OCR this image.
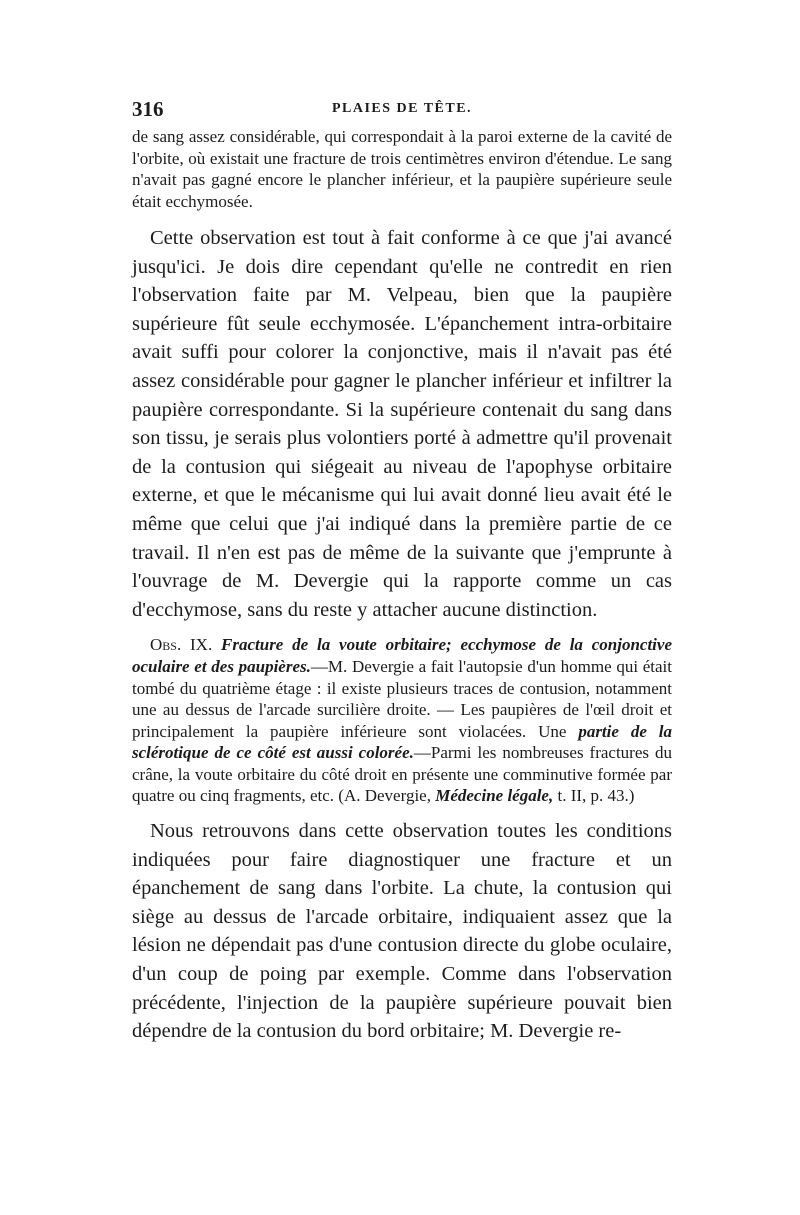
316	PLAIES DE TÊTE.

de sang assez considérable, qui correspondait à la paroi externe de la cavité de l'orbite, où existait une fracture de trois centimètres environ d'étendue. Le sang n'avait pas gagné encore le plancher inférieur, et la paupière supérieure seule était ecchymosée.

Cette observation est tout à fait conforme à ce que j'ai avancé jusqu'ici. Je dois dire cependant qu'elle ne contredit en rien l'observation faite par M. Velpeau, bien que la paupière supérieure fût seule ecchymosée. L'épanchement intra-orbitaire avait suffi pour colorer la conjonctive, mais il n'avait pas été assez considérable pour gagner le plancher inférieur et infiltrer la paupière correspondante. Si la supérieure contenait du sang dans son tissu, je serais plus volontiers porté à admettre qu'il provenait de la contusion qui siégeait au niveau de l'apophyse orbitaire externe, et que le mécanisme qui lui avait donné lieu avait été le même que celui que j'ai indiqué dans la première partie de ce travail. Il n'en est pas de même de la suivante que j'emprunte à l'ouvrage de M. Devergie qui la rapporte comme un cas d'ecchymose, sans du reste y attacher aucune distinction.

Obs. IX. Fracture de la voute orbitaire; ecchymose de la conjonctive oculaire et des paupières.—M. Devergie a fait l'autopsie d'un homme qui était tombé du quatrième étage : il existe plusieurs traces de contusion, notamment une au dessus de l'arcade surcilière droite. — Les paupières de l'œil droit et principalement la paupière inférieure sont violacées. Une partie de la sclérotique de ce côté est aussi colorée.—Parmi les nombreuses fractures du crâne, la voute orbitaire du côté droit en présente une comminutive formée par quatre ou cinq fragments, etc. (A. Devergie, Médecine légale, t. II, p. 43.)

Nous retrouvons dans cette observation toutes les conditions indiquées pour faire diagnostiquer une fracture et un épanchement de sang dans l'orbite. La chute, la contusion qui siège au dessus de l'arcade orbitaire, indiquaient assez que la lésion ne dépendait pas d'une contusion directe du globe oculaire, d'un coup de poing par exemple. Comme dans l'observation précédente, l'injection de la paupière supérieure pouvait bien dépendre de la contusion du bord orbitaire; M. Devergie re-
